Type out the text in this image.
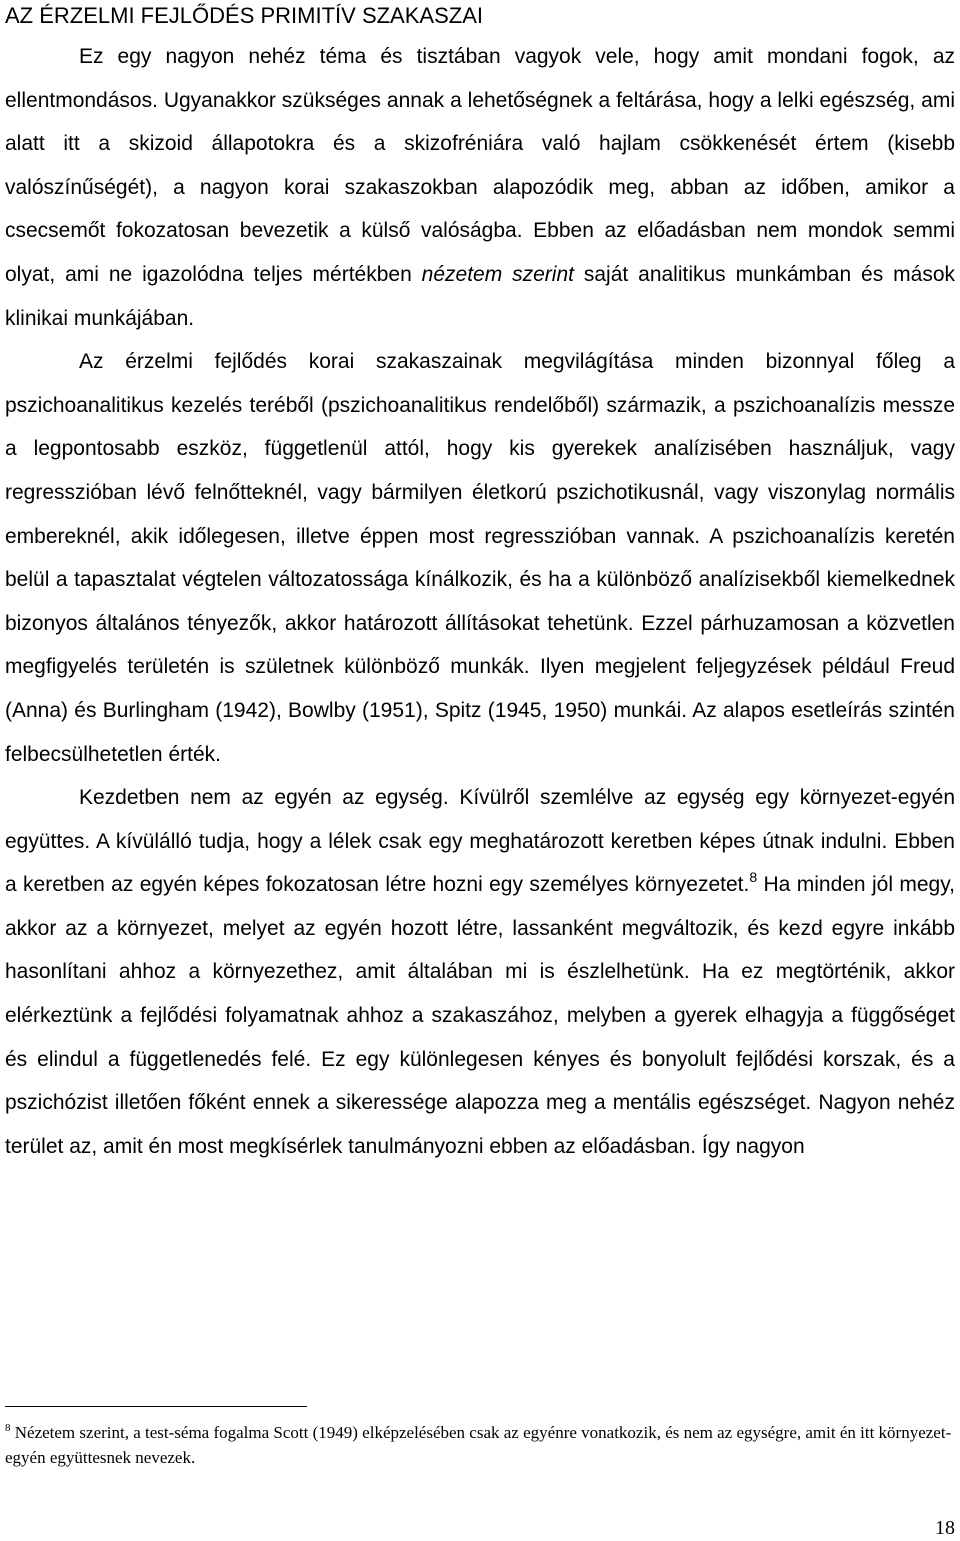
AZ ÉRZELMI FEJLŐDÉS PRIMITÍV SZAKASZAI

Ez egy nagyon nehéz téma és tisztában vagyok vele, hogy amit mondani fogok, az ellentmondásos. Ugyanakkor szükséges annak a lehetőségnek a feltárása, hogy a lelki egészség, ami alatt itt a skizoid állapotokra és a skizofréniára való hajlam csökkenését értem (kisebb valószínűségét), a nagyon korai szakaszokban alapozódik meg, abban az időben, amikor a csecsemőt fokozatosan bevezetik a külső valóságba. Ebben az előadásban nem mondok semmi olyat, ami ne igazolódna teljes mértékben nézetem szerint saját analitikus munkámban és mások klinikai munkájában.

Az érzelmi fejlődés korai szakaszainak megvilágítása minden bizonnyal főleg a pszichoanalitikus kezelés teréből (pszichoanalitikus rendelőből) származik, a pszichoanalízis messze a legpontosabb eszköz, függetlenül attól, hogy kis gyerekek analízisében használjuk, vagy regresszióban lévő felnőtteknél, vagy bármilyen életkorú pszichotikusnál, vagy viszonylag normális embereknél, akik időlegesen, illetve éppen most regresszióban vannak. A pszichoanalízis keretén belül a tapasztalat végtelen változatossága kínálkozik, és ha a különböző analízisekből kiemelkednek bizonyos általános tényezők, akkor határozott állításokat tehetünk. Ezzel párhuzamosan a közvetlen megfigyelés területén is születnek különböző munkák. Ilyen megjelent feljegyzések például Freud (Anna) és Burlingham (1942), Bowlby (1951), Spitz (1945, 1950) munkái. Az alapos esetleírás szintén felbecsülhetetlen érték.

Kezdetben nem az egyén az egység. Kívülről szemlélve az egység egy környezet-egyén együttes. A kívülálló tudja, hogy a lélek csak egy meghatározott keretben képes útnak indulni. Ebben a keretben az egyén képes fokozatosan létre hozni egy személyes környezetet.$^8$ Ha minden jól megy, akkor az a környezet, melyet az egyén hozott létre, lassanként megváltozik, és kezd egyre inkább hasonlítani ahhoz a környezethez, amit általában mi is észlelhetünk. Ha ez megtörténik, akkor elérkeztünk a fejlődési folyamatnak ahhoz a szakaszához, melyben a gyerek elhagyja a függőséget és elindul a függetlenedés felé. Ez egy különlegesen kényes és bonyolult fejlődési korszak, és a pszichózist illetően főként ennek a sikeressége alapozza meg a mentális egészséget. Nagyon nehéz terület az, amit én most megkísérlek tanulmányozni ebben az előadásban. Így nagyon

$^8$ Nézetem szerint, a test-séma fogalma Scott (1949) elképzelésében csak az egyénre vonatkozik, és nem az egységre, amit én itt környezet-egyén együttesnek nevezek.
18
